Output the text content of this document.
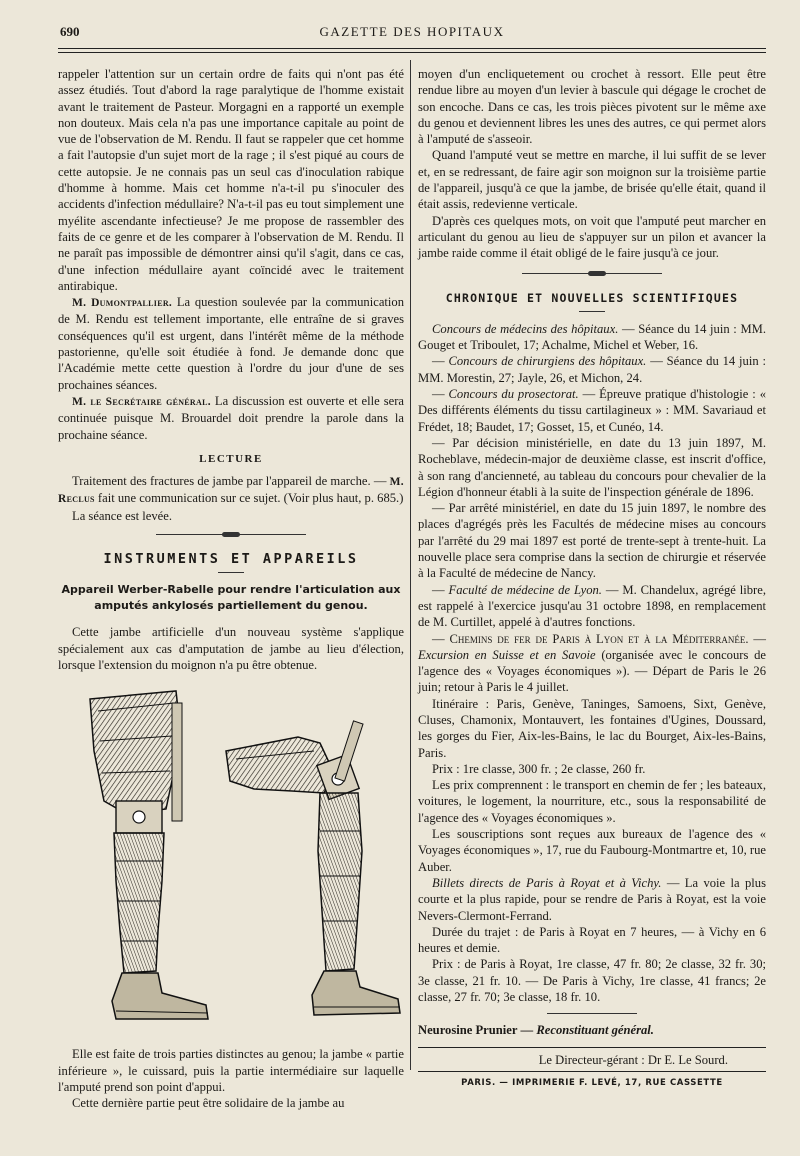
690	GAZETTE DES HOPITAUX

rappeler l'attention sur un certain ordre de faits qui n'ont pas été assez étudiés. Tout d'abord la rage paralytique de l'homme existait avant le traitement de Pasteur. Morgagni en a rapporté un exemple non douteux. Mais cela n'a pas une importance capitale au point de vue de l'observation de M. Rendu. Il faut se rappeler que cet homme a fait l'autopsie d'un sujet mort de la rage ; il s'est piqué au cours de cette autopsie. Je ne connais pas un seul cas d'inoculation rabique d'homme à homme. Mais cet homme n'a-t-il pu s'inoculer des accidents d'infection médullaire? N'a-t-il pas eu tout simplement une myélite ascendante infectieuse? Je me propose de rassembler des faits de ce genre et de les comparer à l'observation de M. Rendu. Il ne paraît pas impossible de démontrer ainsi qu'il s'agit, dans ce cas, d'une infection médullaire ayant coïncidé avec le traitement antirabique.

M. Dumontpallier. La question soulevée par la communication de M. Rendu est tellement importante, elle entraîne de si graves conséquences qu'il est urgent, dans l'intérêt même de la méthode pastorienne, qu'elle soit étudiée à fond. Je demande donc que l'Académie mette cette question à l'ordre du jour d'une de ses prochaines séances.

M. le Secrétaire général. La discussion est ouverte et elle sera continuée puisque M. Brouardel doit prendre la parole dans la prochaine séance.

LECTURE

Traitement des fractures de jambe par l'appareil de marche. — M. Reclus fait une communication sur ce sujet. (Voir plus haut, p. 685.)

La séance est levée.

INSTRUMENTS ET APPAREILS
Appareil Werber-Rabelle pour rendre l'articulation aux amputés ankylosés partiellement du genou.

Cette jambe artificielle d'un nouveau système s'applique spécialement aux cas d'amputation de jambe au lieu d'élection, lorsque l'extension du moignon n'a pu être obtenue.

Elle est faite de trois parties distinctes au genou; la jambe « partie inférieure », le cuissard, puis la partie intermédiaire sur laquelle l'amputé prend son point d'appui.

Cette dernière partie peut être solidaire de la jambe au

moyen d'un encliquetement ou crochet à ressort. Elle peut être rendue libre au moyen d'un levier à bascule qui dégage le crochet de son encoche. Dans ce cas, les trois pièces pivotent sur le même axe du genou et deviennent libres les unes des autres, ce qui permet alors à l'amputé de s'asseoir.

Quand l'amputé veut se mettre en marche, il lui suffit de se lever et, en se redressant, de faire agir son moignon sur la troisième partie de l'appareil, jusqu'à ce que la jambe, de brisée qu'elle était, quand il était assis, redevienne verticale.

D'après ces quelques mots, on voit que l'amputé peut marcher en articulant du genou au lieu de s'appuyer sur un pilon et avancer la jambe raide comme il était obligé de le faire jusqu'à ce jour.

CHRONIQUE ET NOUVELLES SCIENTIFIQUES

Concours de médecins des hôpitaux. — Séance du 14 juin : MM. Gouget et Triboulet, 17; Achalme, Michel et Weber, 16.

— Concours de chirurgiens des hôpitaux. — Séance du 14 juin : MM. Morestin, 27; Jayle, 26, et Michon, 24.

— Concours du prosectorat. — Épreuve pratique d'histologie : « Des différents éléments du tissu cartilagineux » : MM. Savariaud et Frédet, 18; Baudet, 17; Gosset, 15, et Cunéo, 14.

— Par décision ministérielle, en date du 13 juin 1897, M. Rocheblave, médecin-major de deuxième classe, est inscrit d'office, à son rang d'ancienneté, au tableau du concours pour chevalier de la Légion d'honneur établi à la suite de l'inspection générale de 1896.

— Par arrêté ministériel, en date du 15 juin 1897, le nombre des places d'agrégés près les Facultés de médecine mises au concours par l'arrêté du 29 mai 1897 est porté de trente-sept à trente-huit. La nouvelle place sera comprise dans la section de chirurgie et réservée à la Faculté de médecine de Nancy.

— Faculté de médecine de Lyon. — M. Chandelux, agrégé libre, est rappelé à l'exercice jusqu'au 31 octobre 1898, en remplacement de M. Curtillet, appelé à d'autres fonctions.

— Chemins de fer de Paris à Lyon et à la Méditerranée. — Excursion en Suisse et en Savoie (organisée avec le concours de l'agence des « Voyages économiques »). — Départ de Paris le 26 juin; retour à Paris le 4 juillet.

Itinéraire : Paris, Genève, Taninges, Samoens, Sixt, Genève, Cluses, Chamonix, Montauvert, les fontaines d'Ugines, Doussard, les gorges du Fier, Aix-les-Bains, le lac du Bourget, Aix-les-Bains, Paris.

Prix : 1re classe, 300 fr. ; 2e classe, 260 fr.

Les prix comprennent : le transport en chemin de fer ; les bateaux, voitures, le logement, la nourriture, etc., sous la responsabilité de l'agence des « Voyages économiques ».

Les souscriptions sont reçues aux bureaux de l'agence des « Voyages économiques », 17, rue du Faubourg-Montmartre et, 10, rue Auber.

Billets directs de Paris à Royat et à Vichy. — La voie la plus courte et la plus rapide, pour se rendre de Paris à Royat, est la voie Nevers-Clermont-Ferrand.

Durée du trajet : de Paris à Royat en 7 heures, — à Vichy en 6 heures et demie.

Prix : de Paris à Royat, 1re classe, 47 fr. 80; 2e classe, 32 fr. 30; 3e classe, 21 fr. 10. — De Paris à Vichy, 1re classe, 41 francs; 2e classe, 27 fr. 70; 3e classe, 18 fr. 10.

Neurosine Prunier — Reconstituant général.

Le Directeur-gérant : Dr E. Le Sourd.
PARIS. — IMPRIMERIE F. LEVÉ, 17, RUE CASSETTE
